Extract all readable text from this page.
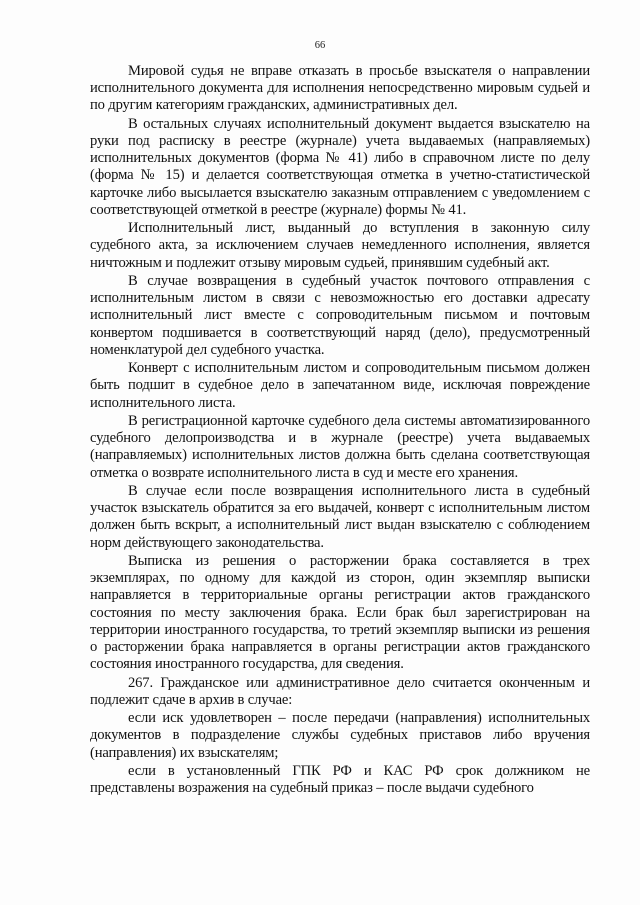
66

Мировой судья не вправе отказать в просьбе взыскателя о направлении исполнительного документа для исполнения непосредственно мировым судьей и по другим категориям гражданских, административных дел.

В остальных случаях исполнительный документ выдается взыскателю на руки под расписку в реестре (журнале) учета выдаваемых (направляемых) исполнительных документов (форма № 41) либо в справочном листе по делу (форма № 15) и делается соответствующая отметка в учетно-статистической карточке либо высылается взыскателю заказным отправлением с уведомлением с соответствующей отметкой в реестре (журнале) формы № 41.

Исполнительный лист, выданный до вступления в законную силу судебного акта, за исключением случаев немедленного исполнения, является ничтожным и подлежит отзыву мировым судьей, принявшим судебный акт.

В случае возвращения в судебный участок почтового отправления с исполнительным листом в связи с невозможностью его доставки адресату исполнительный лист вместе с сопроводительным письмом и почтовым конвертом подшивается в соответствующий наряд (дело), предусмотренный номенклатурой дел судебного участка.

Конверт с исполнительным листом и сопроводительным письмом должен быть подшит в судебное дело в запечатанном виде, исключая повреждение исполнительного листа.

В регистрационной карточке судебного дела системы автоматизированного судебного делопроизводства и в журнале (реестре) учета выдаваемых (направляемых) исполнительных листов должна быть сделана соответствующая отметка о возврате исполнительного листа в суд и месте его хранения.

В случае если после возвращения исполнительного листа в судебный участок взыскатель обратится за его выдачей, конверт с исполнительным листом должен быть вскрыт, а исполнительный лист выдан взыскателю с соблюдением норм действующего законодательства.

Выписка из решения о расторжении брака составляется в трех экземплярах, по одному для каждой из сторон, один экземпляр выписки направляется в территориальные органы регистрации актов гражданского состояния по месту заключения брака. Если брак был зарегистрирован на территории иностранного государства, то третий экземпляр выписки из решения о расторжении брака направляется в органы регистрации актов гражданского состояния иностранного государства, для сведения.

267. Гражданское или административное дело считается оконченным и подлежит сдаче в архив в случае:

если иск удовлетворен – после передачи (направления) исполнительных документов в подразделение службы судебных приставов либо вручения (направления) их взыскателям;

если в установленный ГПК РФ и КАС РФ срок должником не представлены возражения на судебный приказ – после выдачи судебного
